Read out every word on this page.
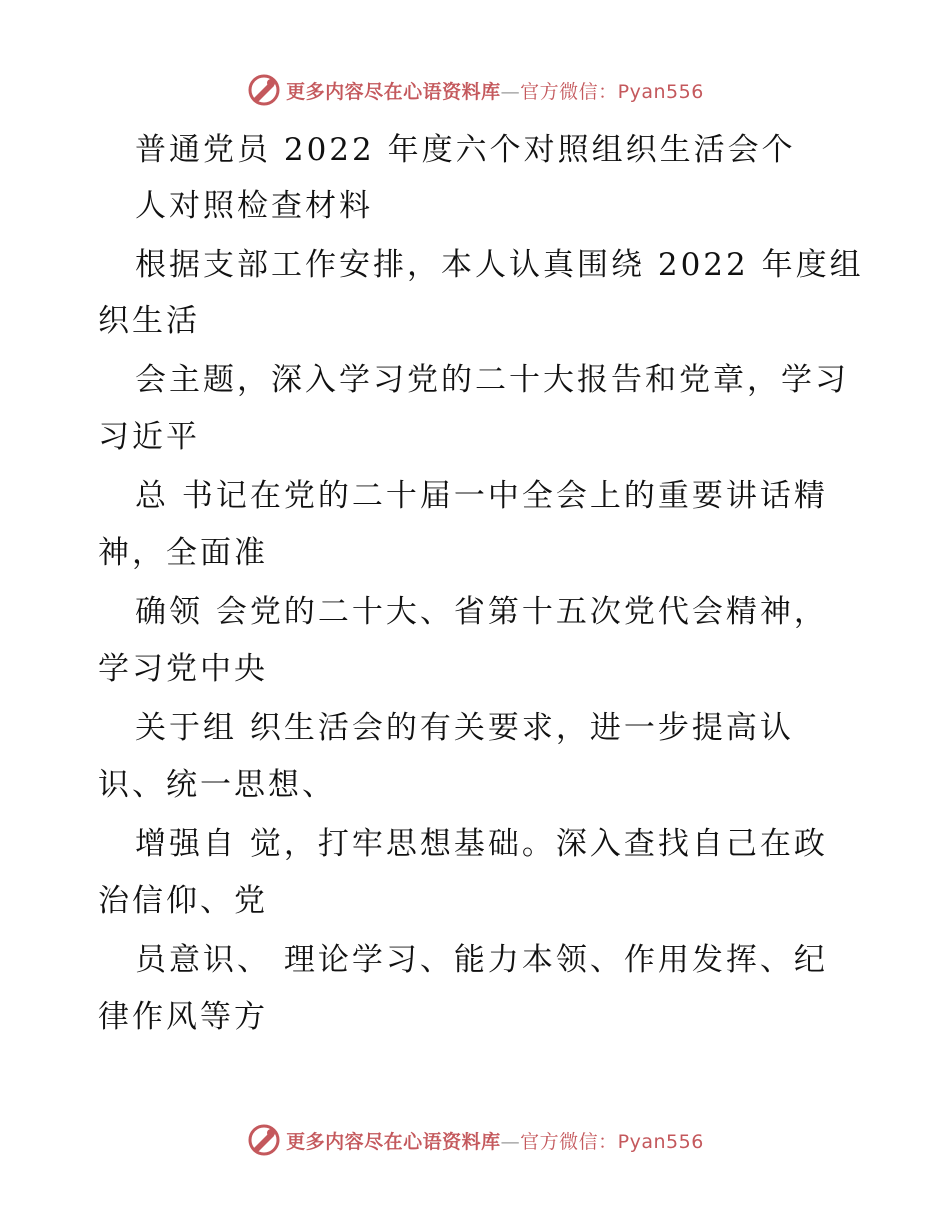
更多内容尽在心语资料库—官方微信：Pyan556
普通党员 2022 年度六个对照组织生活会个
人对照检查材料
根据支部工作安排，本人认真围绕 2022 年度组
织生活
会主题，深入学习党的二十大报告和党章，学习
习近平
总 书记在党的二十届一中全会上的重要讲话精
神，全面准
确领 会党的二十大、省第十五次党代会精神，
学习党中央
关于组 织生活会的有关要求，进一步提高认
识、统一思想、
增强自 觉，打牢思想基础。深入查找自己在政
治信仰、党
员意识、 理论学习、能力本领、作用发挥、纪
律作风等方
更多内容尽在心语资料库—官方微信：Pyan556
